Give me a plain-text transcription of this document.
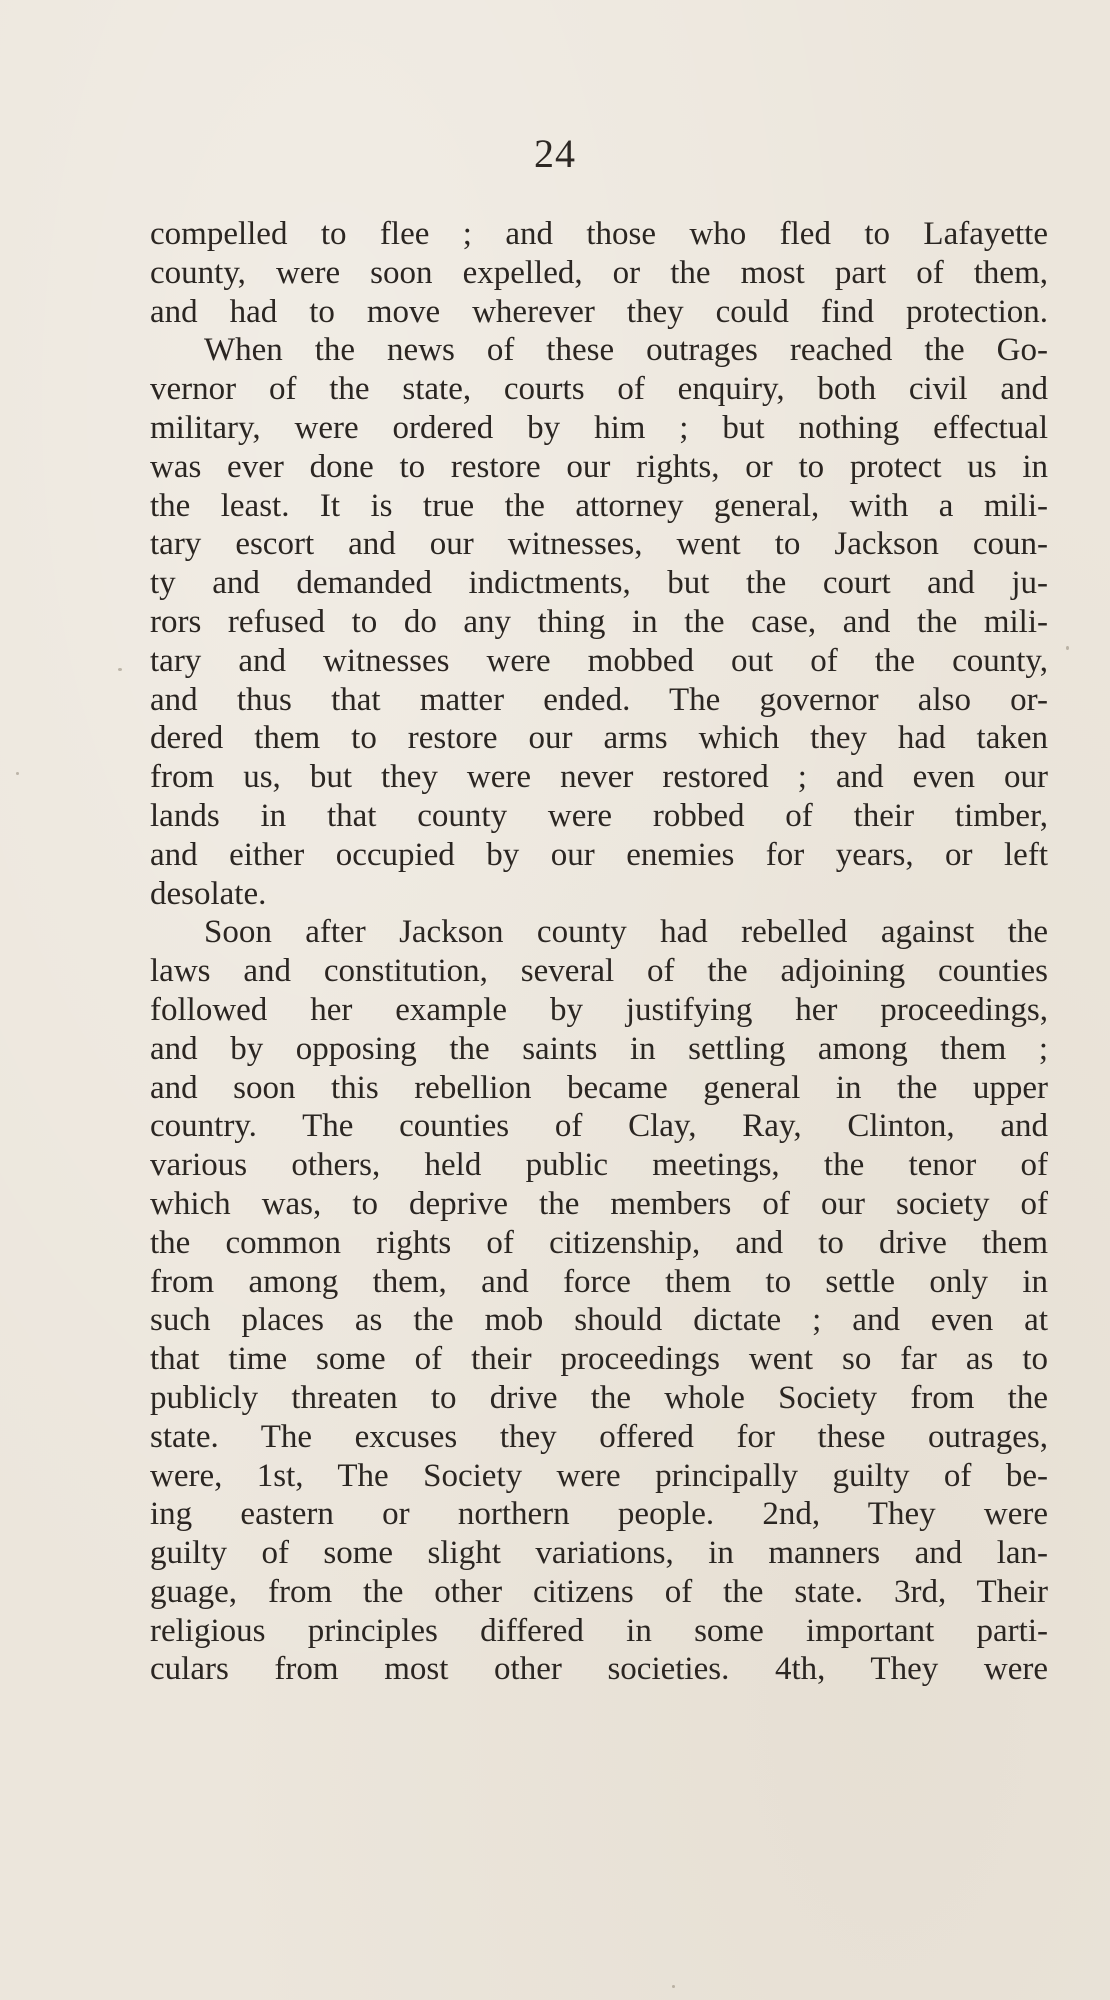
24
compelled to flee ; and those who fled to Lafayette
county, were soon expelled, or the most part of them,
and had to move wherever they could find protection.
When the news of these outrages reached the Go-
vernor of the state, courts of enquiry, both civil and
military, were ordered by him ; but nothing effectual
was ever done to restore our rights, or to protect us in
the least. It is true the attorney general, with a mili-
tary escort and our witnesses, went to Jackson coun-
ty and demanded indictments, but the court and ju-
rors refused to do any thing in the case, and the mili-
tary and witnesses were mobbed out of the county,
and thus that matter ended. The governor also or-
dered them to restore our arms which they had taken
from us, but they were never restored ; and even our
lands in that county were robbed of their timber,
and either occupied by our enemies for years, or left
desolate.
Soon after Jackson county had rebelled against the
laws and constitution, several of the adjoining counties
followed her example by justifying her proceedings,
and by opposing the saints in settling among them ;
and soon this rebellion became general in the upper
country. The counties of Clay, Ray, Clinton, and
various others, held public meetings, the tenor of
which was, to deprive the members of our society of
the common rights of citizenship, and to drive them
from among them, and force them to settle only in
such places as the mob should dictate ; and even at
that time some of their proceedings went so far as to
publicly threaten to drive the whole Society from the
state. The excuses they offered for these outrages,
were, 1st, The Society were principally guilty of be-
ing eastern or northern people. 2nd, They were
guilty of some slight variations, in manners and lan-
guage, from the other citizens of the state. 3rd, Their
religious principles differed in some important parti-
culars from most other societies. 4th, They were
